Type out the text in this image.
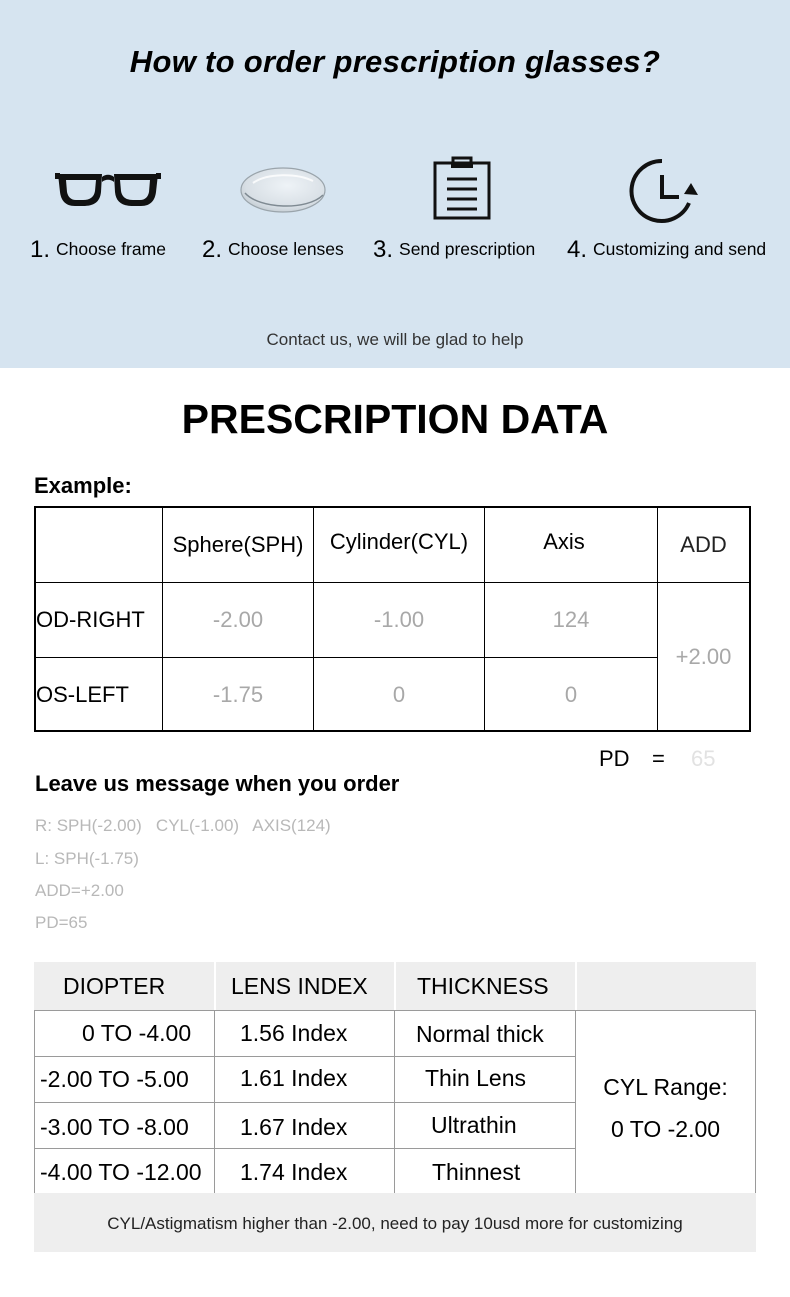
How to order prescription glasses?
1. Choose frame 2. Choose lenses 3. Send prescription 4. Customizing and send
Contact us, we will be glad to help
PRESCRIPTION DATA
Example:
Sphere(SPH)	Cylinder(CYL)	Axis	ADD
OD-RIGHT	-2.00	-1.00	124
OS-LEFT	-1.75	0	0
+2.00
PD = 65
Leave us message when you order
R: SPH(-2.00)   CYL(-1.00)   AXIS(124)
L: SPH(-1.75)
ADD=+2.00
PD=65
DIOPTER	LENS INDEX THICKNESS
0 TO -4.00 1.56 Index	Normal thick
-2.00 TO -5.00 1.61 Index	Thin Lens
-3.00 TO -8.00 1.67 Index	Ultrathin
-4.00 TO -12.00 1.74 Index	Thinnest
CYL Range:
0 TO -2.00
CYL/Astigmatism higher than -2.00, need to pay 10usd more for customizing
